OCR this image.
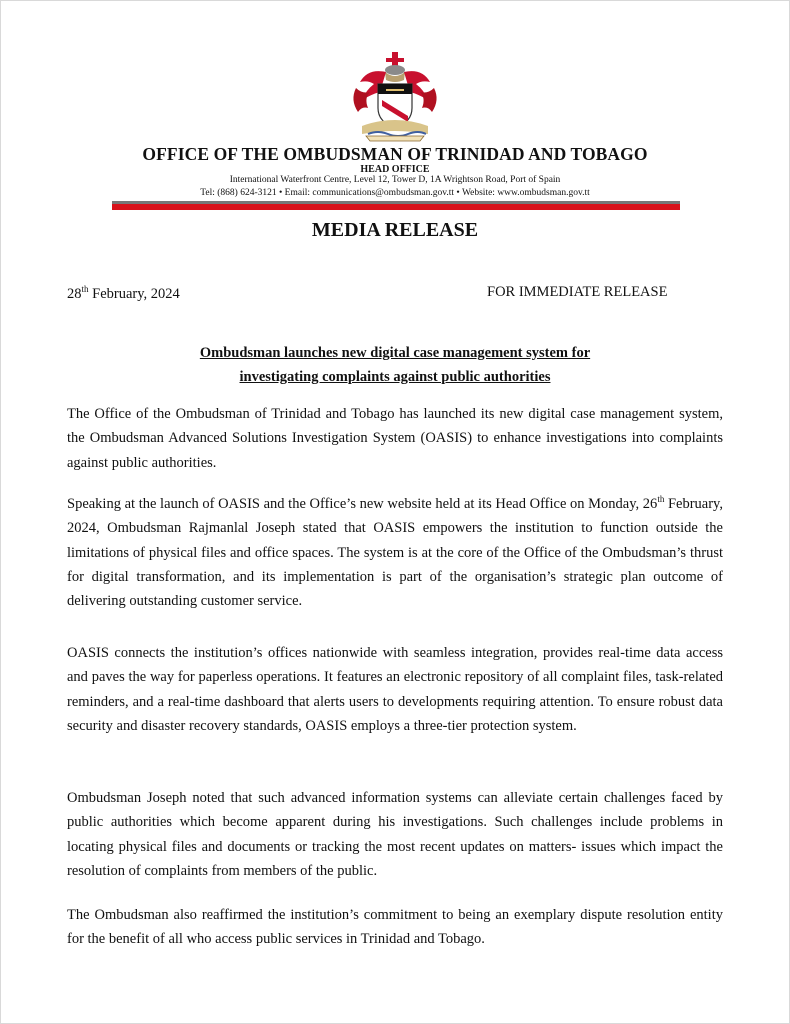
OFFICE OF THE OMBUDSMAN OF TRINIDAD AND TOBAGO
HEAD OFFICE
International Waterfront Centre, Level 12, Tower D, 1A Wrightson Road, Port of Spain
Tel: (868) 624-3121 • Email: communications@ombudsman.gov.tt • Website: www.ombudsman.gov.tt
MEDIA RELEASE
28th February, 2024	FOR IMMEDIATE RELEASE
Ombudsman launches new digital case management system for
investigating complaints against public authorities

The Office of the Ombudsman of Trinidad and Tobago has launched its new digital case management system, the Ombudsman Advanced Solutions Investigation System (OASIS) to enhance investigations into complaints against public authorities.

Speaking at the launch of OASIS and the Office’s new website held at its Head Office on Monday, 26th February, 2024, Ombudsman Rajmanlal Joseph stated that OASIS empowers the institution to function outside the limitations of physical files and office spaces. The system is at the core of the Office of the Ombudsman’s thrust for digital transformation, and its implementation is part of the organisation’s strategic plan outcome of delivering outstanding customer service.

OASIS connects the institution’s offices nationwide with seamless integration, provides real-time data access and paves the way for paperless operations. It features an electronic repository of all complaint files, task-related reminders, and a real-time dashboard that alerts users to developments requiring attention. To ensure robust data security and disaster recovery standards, OASIS employs a three-tier protection system.

Ombudsman Joseph noted that such advanced information systems can alleviate certain challenges faced by public authorities which become apparent during his investigations. Such challenges include problems in locating physical files and documents or tracking the most recent updates on matters- issues which impact the resolution of complaints from members of the public.

The Ombudsman also reaffirmed the institution’s commitment to being an exemplary dispute resolution entity for the benefit of all who access public services in Trinidad and Tobago.
